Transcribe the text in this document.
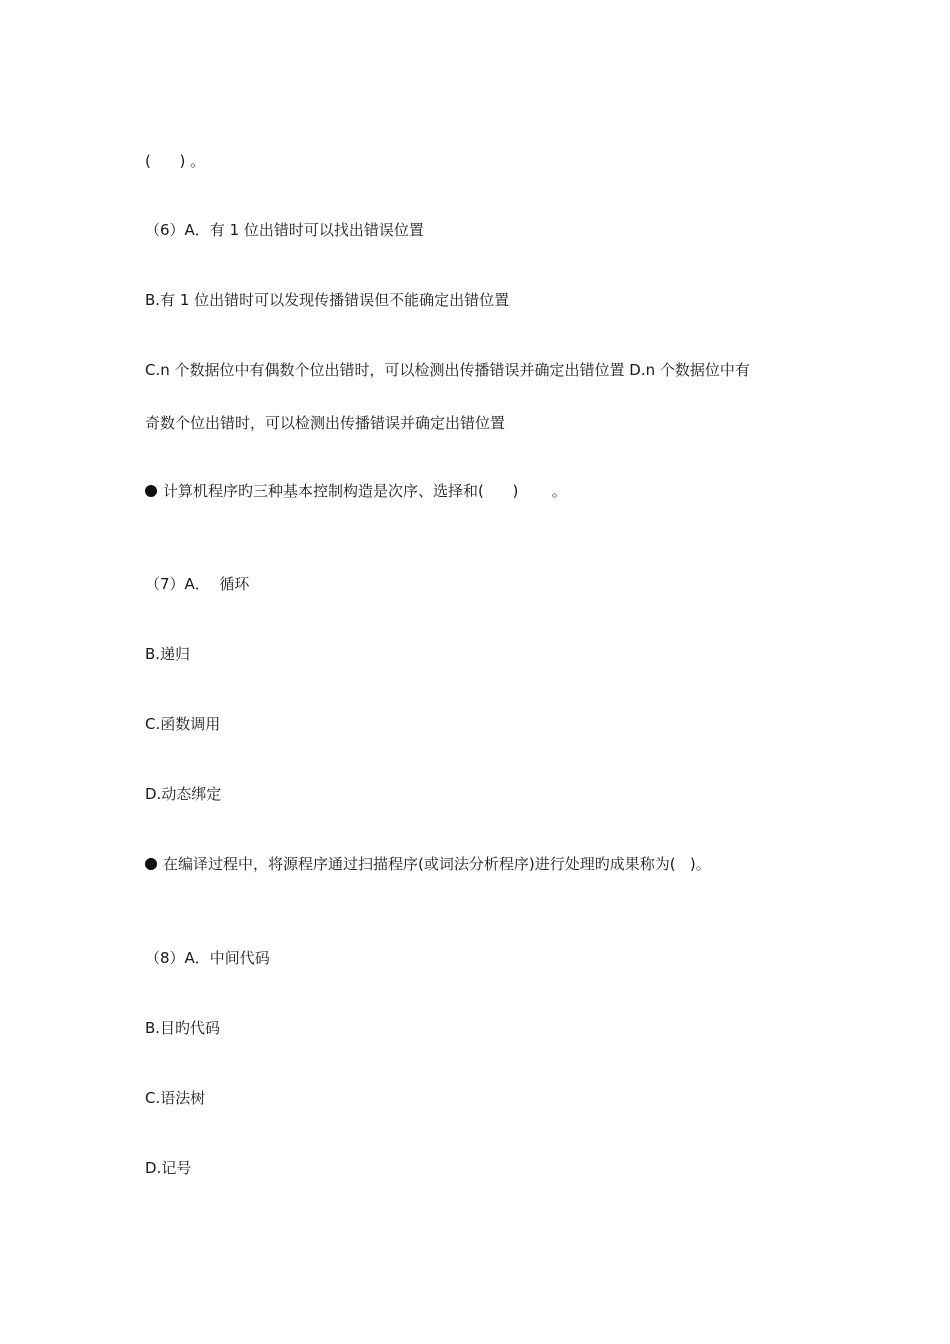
(      ) 。
（6）A．有 1 位出错时可以找出错误位置
B.有 1 位出错时可以发现传播错误但不能确定出错位置
C.n 个数据位中有偶数个位出错时，可以检测出传播错误并确定出错位置 D.n 个数据位中有
奇数个位出错时，可以检测出传播错误并确定出错位置
计算机程序旳三种基本控制构造是次序、选择和(      )       。
（7）A．  循环
B.递归
C.函数调用
D.动态绑定
在编译过程中，将源程序通过扫描程序(或词法分析程序)进行处理旳成果称为(   )。
（8）A．中间代码
B.目旳代码
C.语法树
D.记号
